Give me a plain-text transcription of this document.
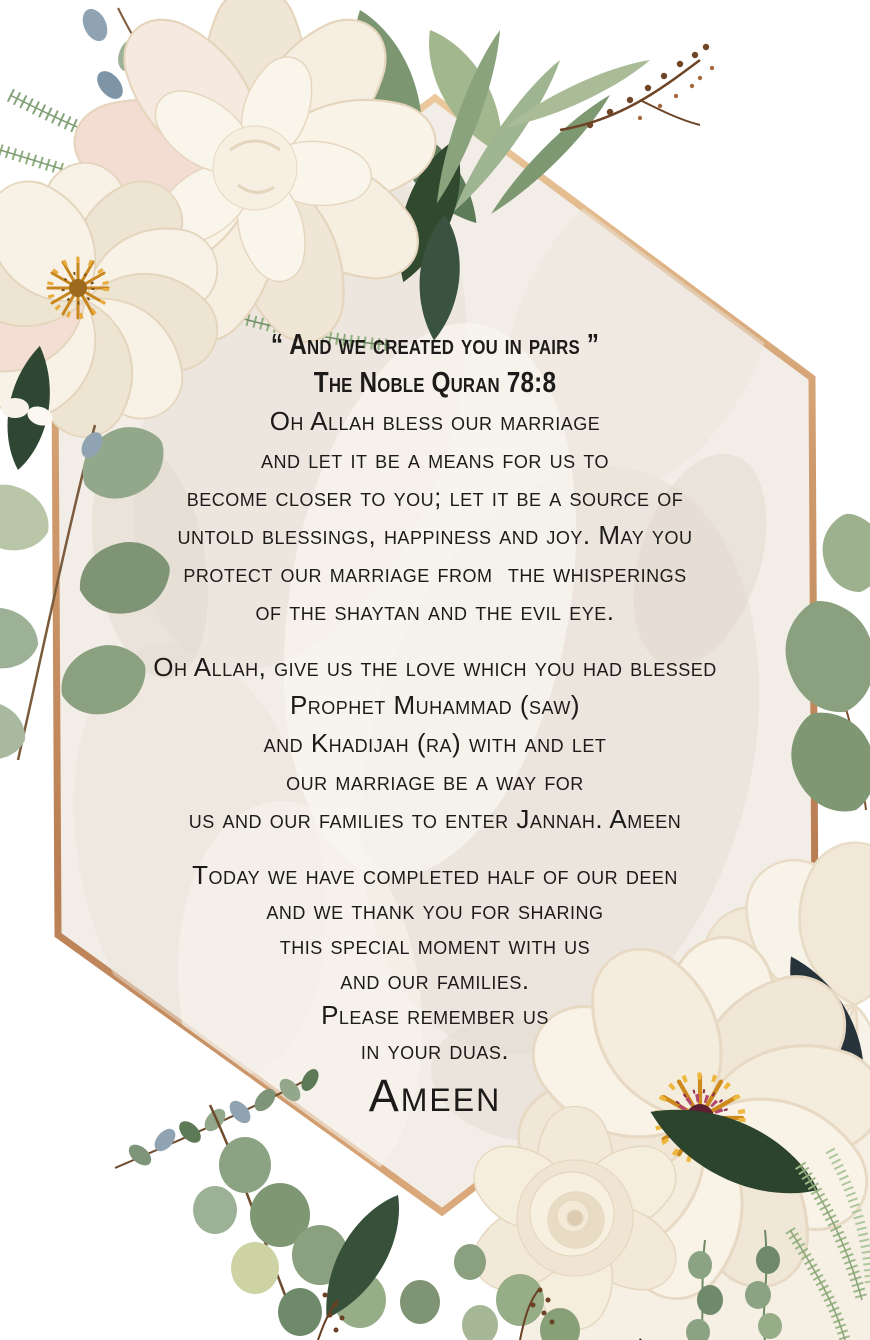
“ And we created you in pairs ”
The Noble Quran 78:8
Oh Allah bless our marriage
and let it be a means for us to
become closer to you; let it be a source of
untold blessings, happiness and joy. May you
protect our marriage from  the whisperings
of the shaytan and the evil eye.
Oh Allah, give us the love which you had blessed
Prophet Muhammad (saw)
and Khadijah (ra) with and let
our marriage be a way for
us and our families to enter Jannah. Ameen
Today we have completed half of our deen
and we thank you for sharing
this special moment with us
and our families.
Please remember us
in your duas.
Ameen
